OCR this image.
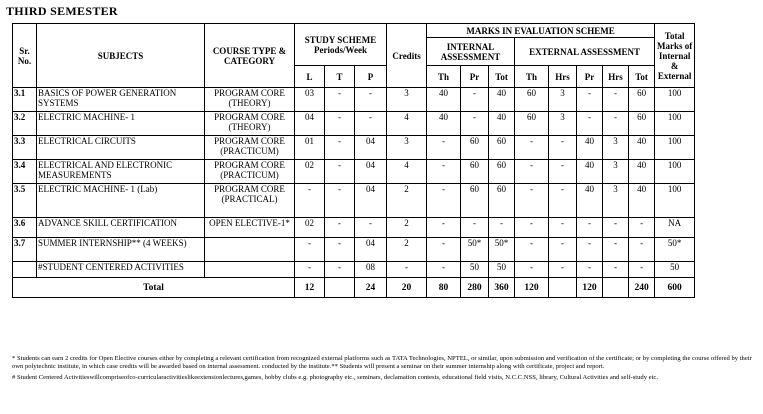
THIRD SEMESTER
Sr. No.	SUBJECTS	COURSE TYPE & CATEGORY	STUDY SCHEME Periods/Week			Credits	MARKS IN EVALUATION SCHEME								Total Marks of Internal & External
							INTERNAL ASSESSMENT			EXTERNAL ASSESSMENT					
			L	T	P		Th	Pr	Tot	Th	Hrs	Pr	Hrs	Tot	
3.1	BASICS OF POWER GENERATION SYSTEMS	PROGRAM CORE (THEORY)	03	-	-	3	40	-	40	60	3	-	-	60	100
3.2	ELECTRIC MACHINE- 1	PROGRAM CORE (THEORY)	04	-	-	4	40	-	40	60	3	-	-	60	100
3.3	ELECTRICAL CIRCUITS	PROGRAM CORE (PRACTICUM)	01	-	04	3	-	60	60	-	-	40	3	40	100
3.4	ELECTRICAL AND ELECTRONIC MEASUREMENTS	PROGRAM CORE (PRACTICUM)	02	-	04	4	-	60	60	-	-	40	3	40	100
3.5	ELECTRIC MACHINE- 1 (Lab)	PROGRAM CORE (PRACTICAL)	-	-	04	2	-	60	60	-	-	40	3	40	100
3.6	ADVANCE SKILL CERTIFICATION	OPEN ELECTIVE-1*	02	-	-	2	-	-	-	-	-	-	-	-	NA
3.7	SUMMER INTERNSHIP** (4 WEEKS)		-	-	04	2	-	50*	50*	-	-	-	-	-	50*
	#STUDENT CENTERED ACTIVITIES		-	-	08	-	-	50	50	-	-	-	-	-	50
Total			12		24	20	80	280	360	120		120		240	600

* Students can earn 2 credits for Open Elective courses either by completing a relevant certification from recognized external platforms such as TATA Technologies, NPTEL, or similar, upon submission and verification of the certificate; or by completing the course offered by their own polytechnic institute, in which case credits will be awarded based on internal assessment. conducted by the institute.** Students will present a seminar on their summer internship along with certificate, project and report.

# Student Centered Activitieswillcompriseofco-curricularactivitieslikeextensionlectures,games, hobby clubs e.g. photography etc., seminars, declamation contests, educational field visits, N.C.C.NSS, library, Cultural Activities and self-study etc.
